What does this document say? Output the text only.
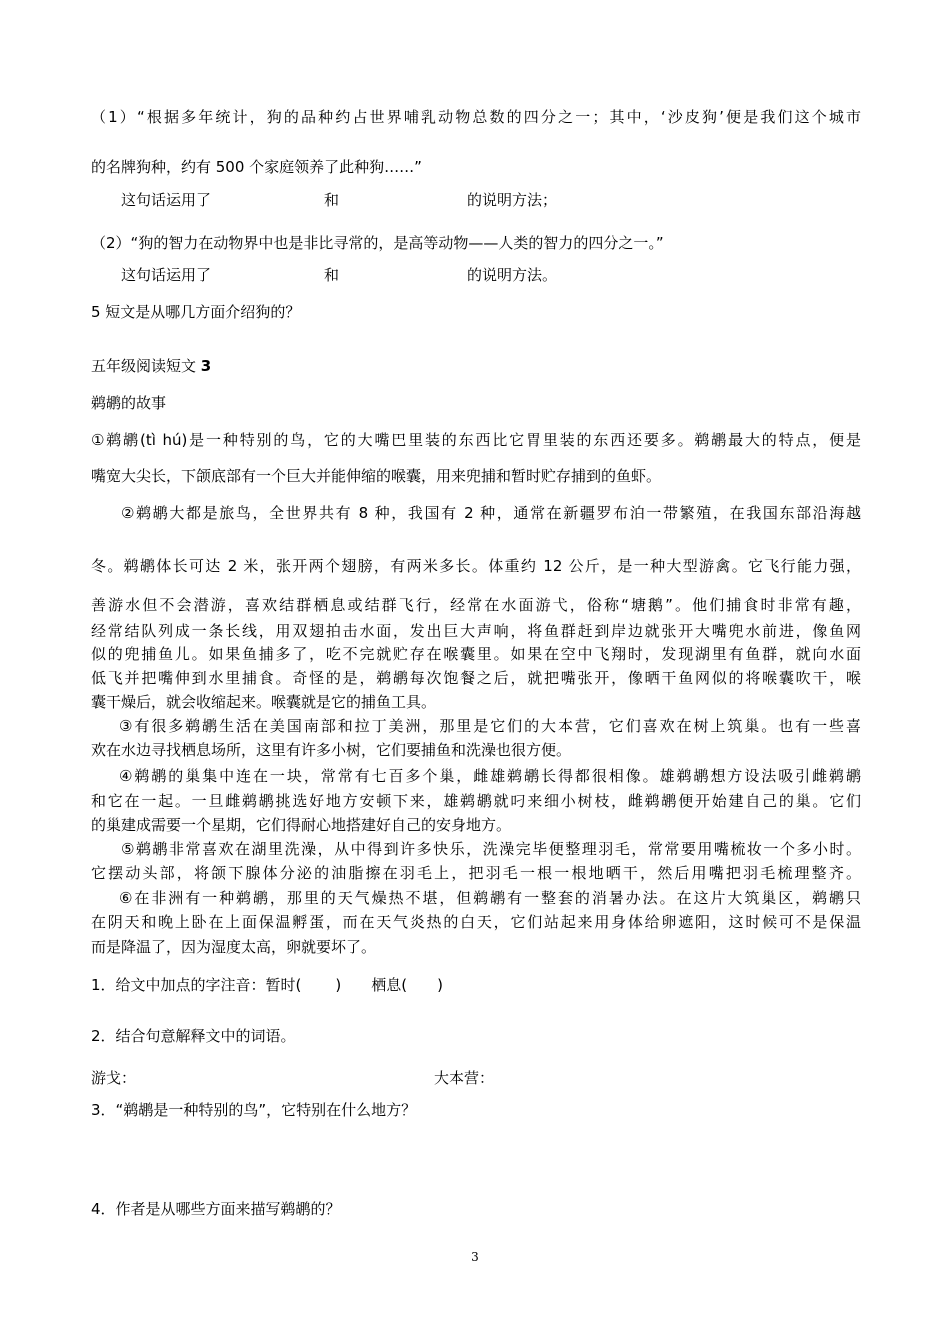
（1）“根据多年统计，狗的品种约占世界哺乳动物总数的四分之一；其中，‘沙皮狗’便是我们这个城市
的名牌狗种，约有 500 个家庭领养了此种狗……”
这句话运用了	和	的说明方法；
（2）“狗的智力在动物界中也是非比寻常的，是高等动物——人类的智力的四分之一。”
这句话运用了	和	的说明方法。
5 短文是从哪几方面介绍狗的？
五年级阅读短文 3
鹈鹕的故事
①鹈鹕(tì hú)是一种特别的鸟，它的大嘴巴里装的东西比它胃里装的东西还要多。鹈鹕最大的特点，便是
嘴宽大尖长，下颌底部有一个巨大并能伸缩的喉囊，用来兜捕和暂时贮存捕到的鱼虾。
②鹈鹕大都是旅鸟，全世界共有 8 种，我国有 2 种，通常在新疆罗布泊一带繁殖，在我国东部沿海越
冬。鹈鹕体长可达 2 米，张开两个翅膀，有两米多长。体重约 12 公斤，是一种大型游禽。它飞行能力强，
善游水但不会潜游，喜欢结群栖息或结群飞行，经常在水面游弋，俗称“塘鹅”。他们捕食时非常有趣，
经常结队列成一条长线，用双翅拍击水面，发出巨大声响，将鱼群赶到岸边就张开大嘴兜水前进，像鱼网
似的兜捕鱼儿。如果鱼捕多了，吃不完就贮存在喉囊里。如果在空中飞翔时，发现湖里有鱼群，就向水面
低飞并把嘴伸到水里捕食。奇怪的是，鹈鹕每次饱餐之后，就把嘴张开，像晒干鱼网似的将喉囊吹干，喉
囊干燥后，就会收缩起来。喉囊就是它的捕鱼工具。
③有很多鹈鹕生活在美国南部和拉丁美洲，那里是它们的大本营，它们喜欢在树上筑巢。也有一些喜
欢在水边寻找栖息场所，这里有许多小树，它们要捕鱼和洗澡也很方便。
④鹈鹕的巢集中连在一块，常常有七百多个巢，雌雄鹈鹕长得都很相像。雄鹈鹕想方设法吸引雌鹈鹕
和它在一起。一旦雌鹈鹕挑选好地方安顿下来，雄鹈鹕就叼来细小树枝，雌鹈鹕便开始建自己的巢。它们
的巢建成需要一个星期，它们得耐心地搭建好自己的安身地方。
⑤鹈鹕非常喜欢在湖里洗澡，从中得到许多快乐，洗澡完毕便整理羽毛，常常要用嘴梳妆一个多小时。
它摆动头部，将颌下腺体分泌的油脂擦在羽毛上，把羽毛一根一根地晒干，然后用嘴把羽毛梳理整齐。
⑥在非洲有一种鹈鹕，那里的天气燥热不堪，但鹈鹕有一整套的消暑办法。在这片大筑巢区，鹈鹕只
在阴天和晚上卧在上面保温孵蛋，而在天气炎热的白天，它们站起来用身体给卵遮阳，这时候可不是保温
而是降温了，因为湿度太高，卵就要坏了。
1．给文中加点的字注音：暂时( ) 栖息( )
2．结合句意解释文中的词语。
游戈：	大本营：
3．“鹈鹕是一种特别的鸟”，它特别在什么地方？
4．作者是从哪些方面来描写鹈鹕的？
3
